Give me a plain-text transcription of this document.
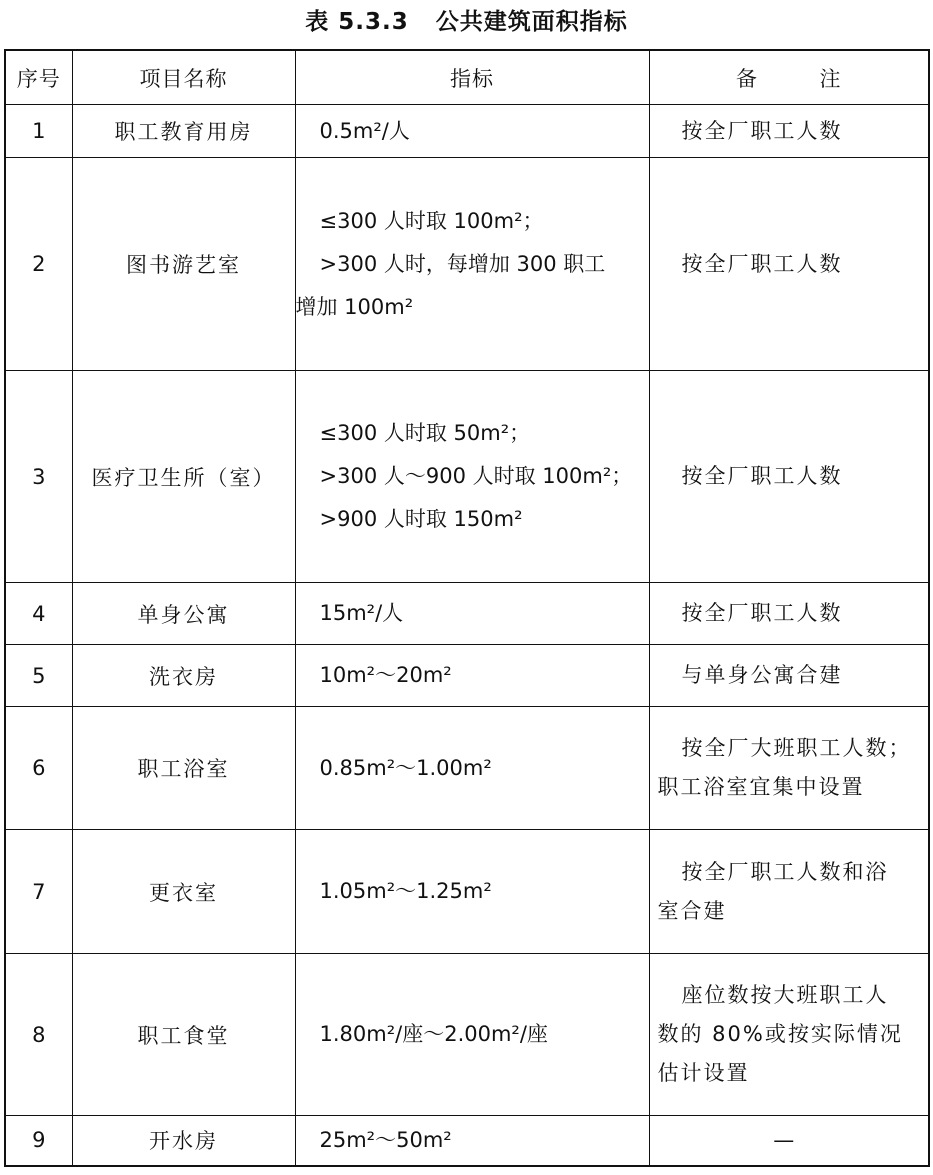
表 5.3.3   公共建筑面积指标
序号	项目名称	指标	备        注
1	职工教育用房	0.5m²/人	按全厂职工人数

2	图书游艺室	≤300 人时取 100m²；
>300 人时，每增加 300 职工
增加 100m²	按全厂职工人数

3	医疗卫生所（室）	≤300 人时取 50m²；
>300 人～900 人时取 100m²；
>900 人时取 150m²	按全厂职工人数

4	单身公寓	15m²/人	按全厂职工人数

5	洗衣房	10m²～20m²	与单身公寓合建

6	职工浴室	0.85m²～1.00m²	按全厂大班职工人数；
职工浴室宜集中设置

7	更衣室	1.05m²～1.25m²	按全厂职工人数和浴
室合建

8	职工食堂	1.80m²/座～2.00m²/座	座位数按大班职工人
数的 80%或按实际情况
估计设置

9	开水房	25m²～50m²	—
